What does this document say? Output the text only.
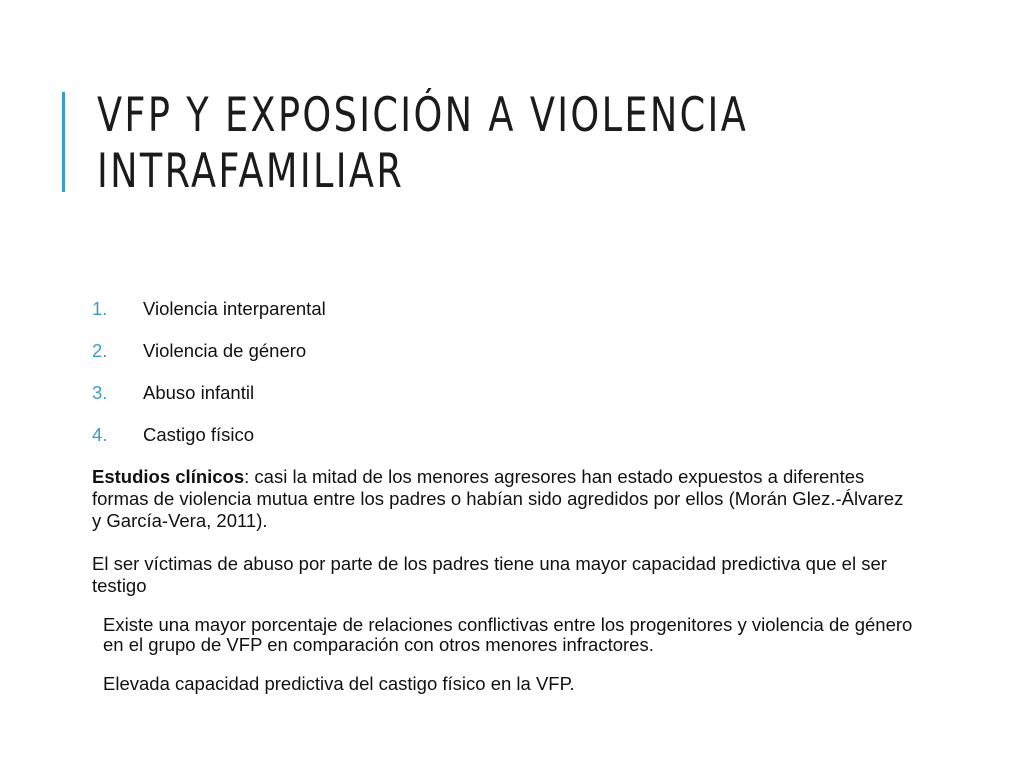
VFP Y EXPOSICIÓN A VIOLENCIA
INTRAFAMILIAR
1. Violencia interparental
2. Violencia de género
3. Abuso infantil
4. Castigo físico

Estudios clínicos: casi la mitad de los menores agresores han estado expuestos a diferentes formas de violencia mutua entre los padres o habían sido agredidos por ellos (Morán Glez.-Álvarez y García-Vera, 2011).

El ser víctimas de abuso por parte de los padres tiene una mayor capacidad predictiva que el ser testigo

Existe una mayor porcentaje de relaciones conflictivas entre los progenitores y violencia de género en el grupo de VFP en comparación con otros menores infractores.

Elevada capacidad predictiva del castigo físico en la VFP.
